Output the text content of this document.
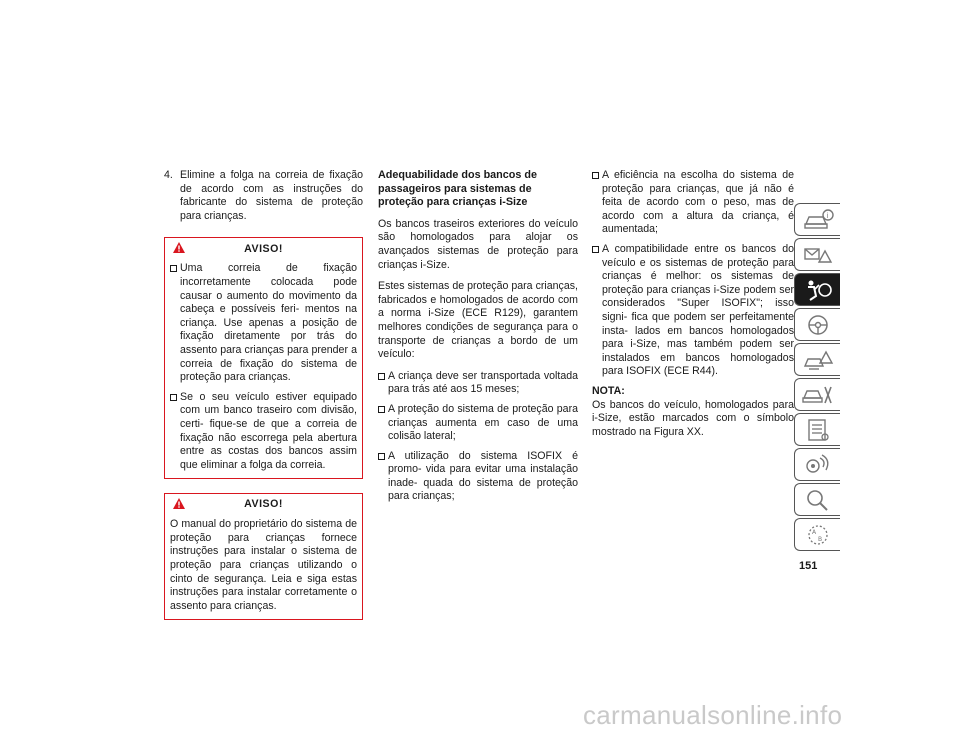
4. Elimine a folga na correia de fixação de acordo com as instruções do fabricante do sistema de proteção para crianças.
AVISO!
Uma correia de fixação incorretamente colocada pode causar o aumento do movimento da cabeça e possíveis feri- mentos na criança. Use apenas a posição de fixação diretamente por trás do assento para crianças para prender a correia de fixação do sistema de proteção para crianças.
Se o seu veículo estiver equipado com um banco traseiro com divisão, certi- fique-se de que a correia de fixação não escorrega pela abertura entre as costas dos bancos assim que eliminar a folga da correia.
AVISO!
O manual do proprietário do sistema de proteção para crianças fornece instruções para instalar o sistema de proteção para crianças utilizando o cinto de segurança. Leia e siga estas instruções para instalar corretamente o assento para crianças.
Adequabilidade dos bancos de passageiros para sistemas de proteção para crianças i-Size
Os bancos traseiros exteriores do veículo são homologados para alojar os avançados sistemas de proteção para crianças i-Size.
Estes sistemas de proteção para crianças, fabricados e homologados de acordo com a norma i-Size (ECE R129), garantem melhores condições de segurança para o transporte de crianças a bordo de um veículo:
A criança deve ser transportada voltada para trás até aos 15 meses;
A proteção do sistema de proteção para crianças aumenta em caso de uma colisão lateral;
A utilização do sistema ISOFIX é promo- vida para evitar uma instalação inade- quada do sistema de proteção para crianças;
A eficiência na escolha do sistema de proteção para crianças, que já não é feita de acordo com o peso, mas de acordo com a altura da criança, é aumentada;
A compatibilidade entre os bancos do veículo e os sistemas de proteção para crianças é melhor: os sistemas de proteção para crianças i-Size podem ser considerados "Super ISOFIX"; isso signi- fica que podem ser perfeitamente insta- lados em bancos homologados para i-Size, mas também podem ser instalados em bancos homologados para ISOFIX (ECE R44).
NOTA:
Os bancos do veículo, homologados para i-Size, estão marcados com o símbolo mostrado na Figura XX.
i
A
B
151
carmanualsonline.info
